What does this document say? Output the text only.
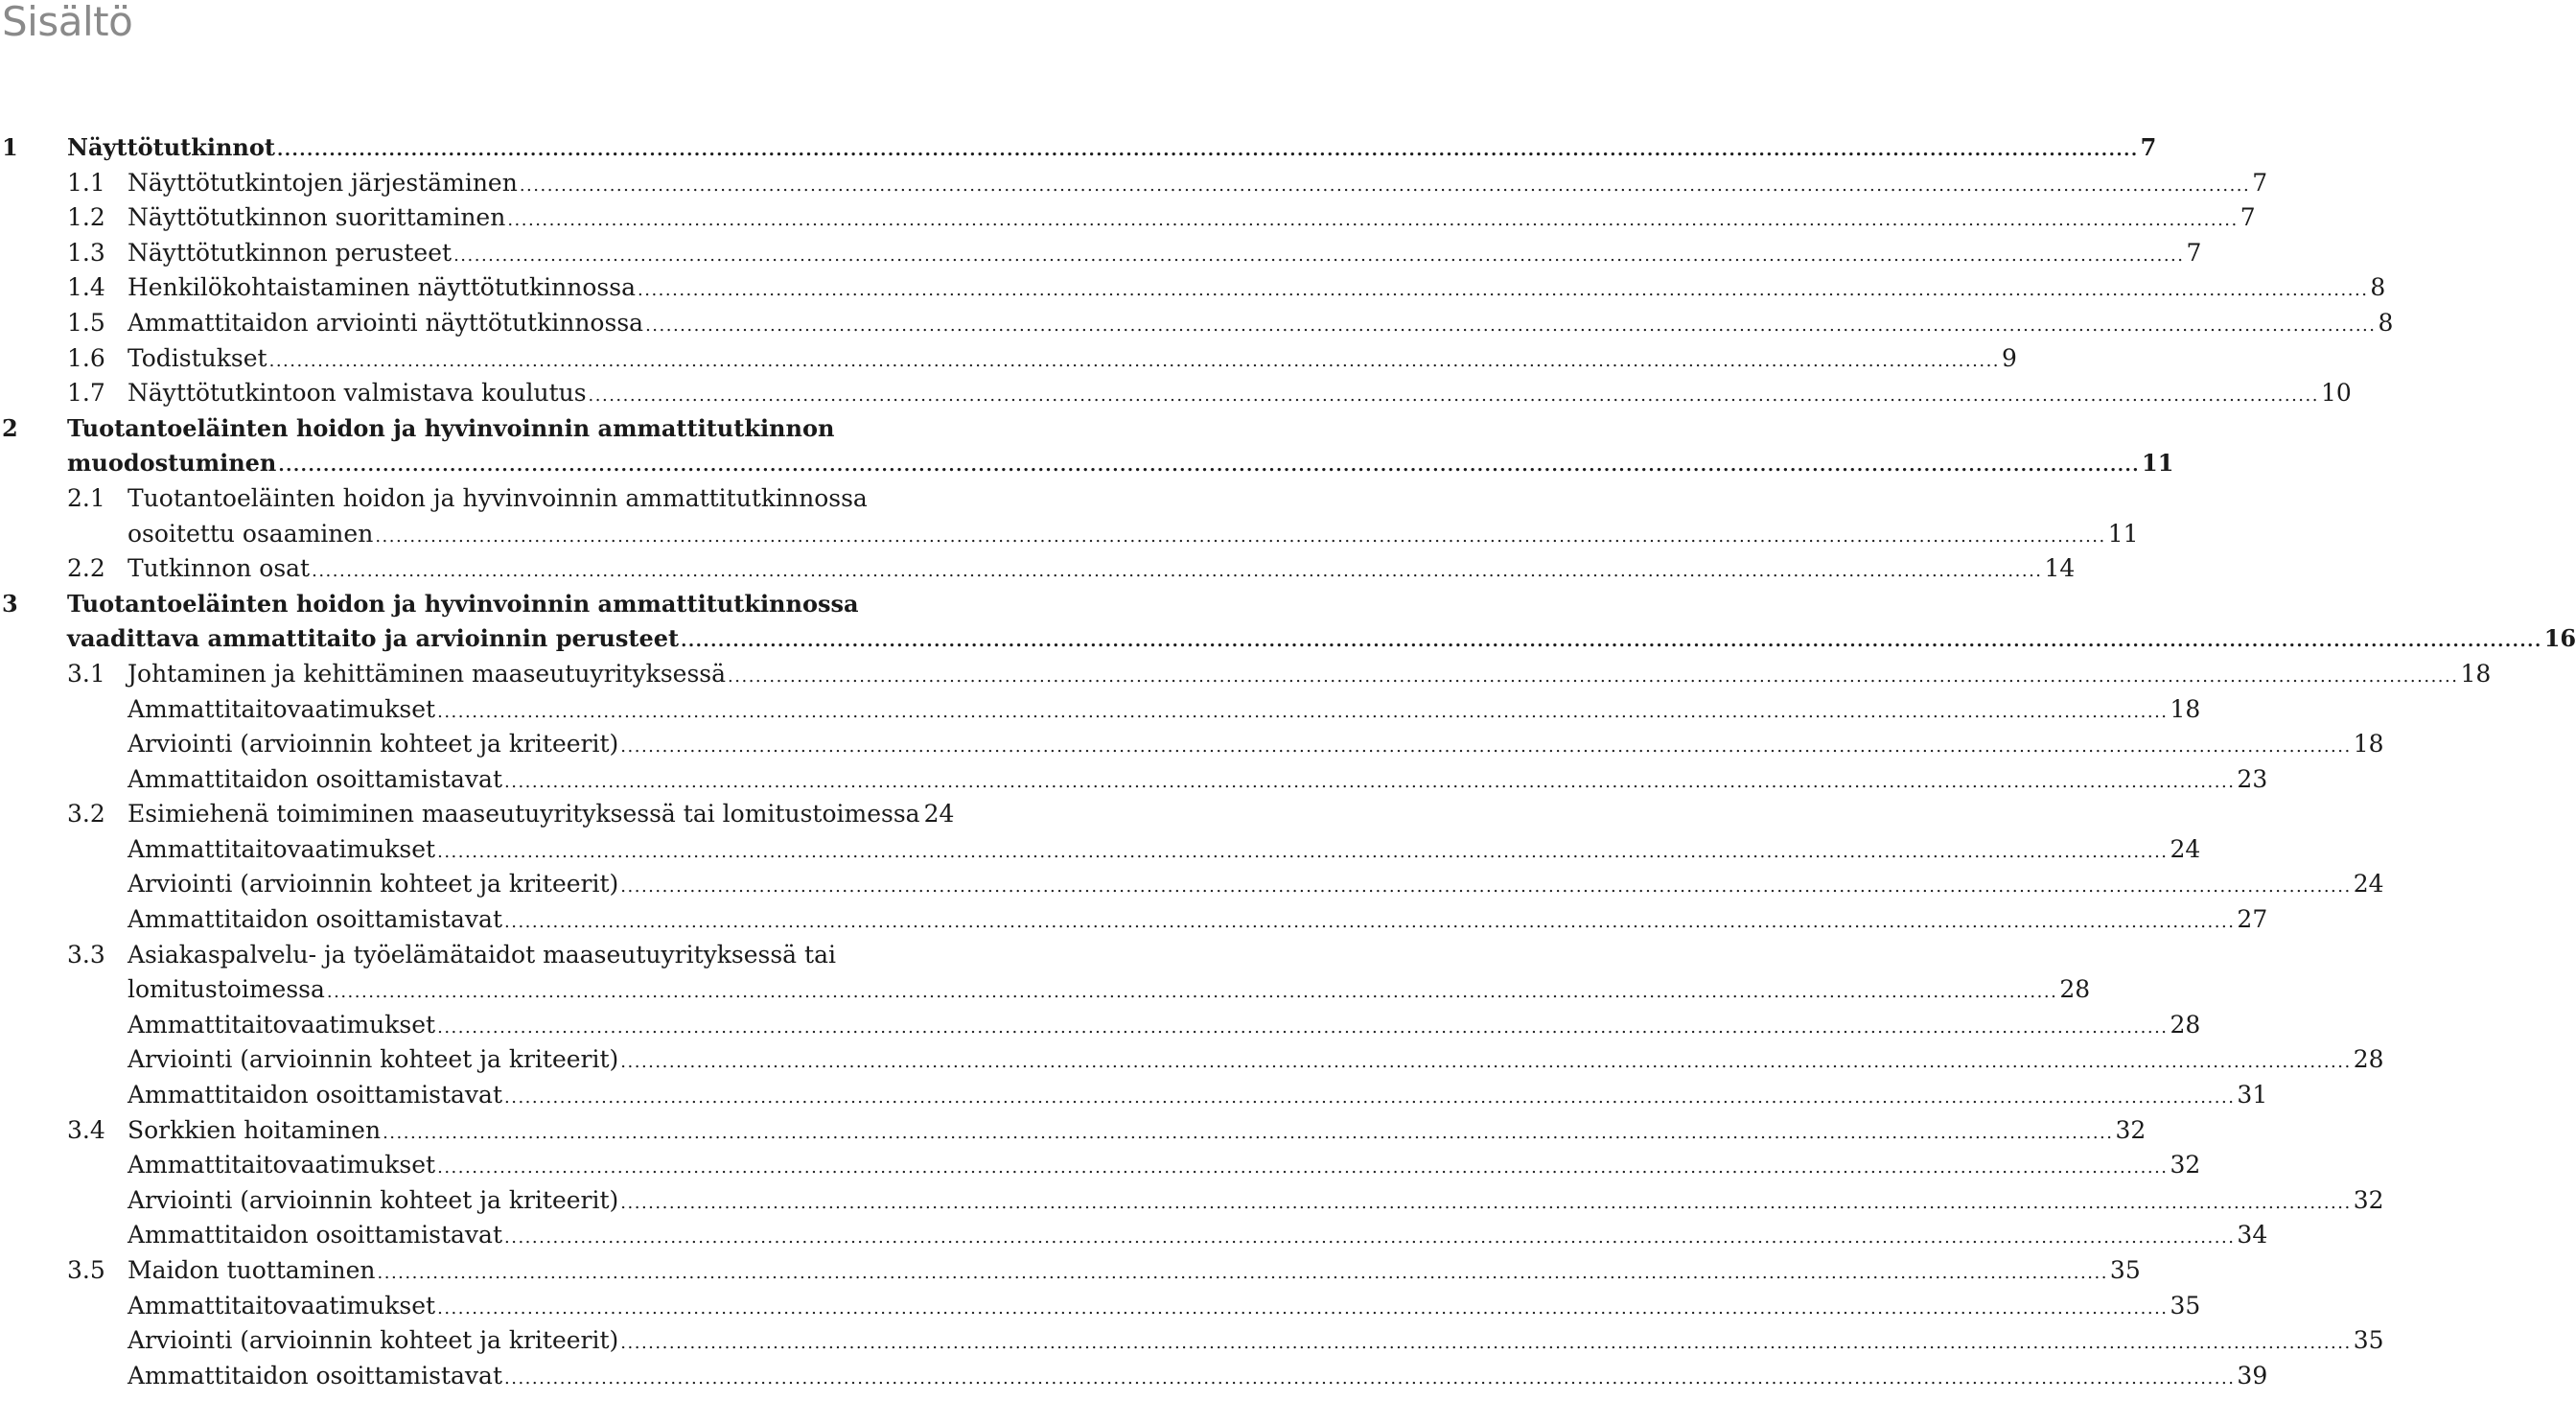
Sisältö
1 Näyttötutkinnot .....	7
1.1 Näyttötutkintojen järjestäminen .....	7
1.2 Näyttötutkinnon suorittaminen .....	7
1.3 Näyttötutkinnon perusteet .....	7
1.4 Henkilökohtaistaminen näyttötutkinnossa .....	8
1.5 Ammattitaidon arviointi näyttötutkinnossa .....	8
1.6 Todistukset .....	9
1.7 Näyttötutkintoon valmistava koulutus .....	10
2 Tuotantoeläinten hoidon ja hyvinvoinnin ammattitutkinnon
muodostuminen .....	11
2.1 Tuotantoeläinten hoidon ja hyvinvoinnin ammattitutkinnossa
osoitettu osaaminen .....	11
2.2 Tutkinnon osat .....	14
3 Tuotantoeläinten hoidon ja hyvinvoinnin ammattitutkinnossa
vaadittava ammattitaito ja arvioinnin perusteet .....	16
3.1 Johtaminen ja kehittäminen maaseutuyrityksessä .....	18
Ammattitaitovaatimukset .....	18
Arviointi (arvioinnin kohteet ja kriteerit) .....	18
Ammattitaidon osoittamistavat .....	23
3.2 Esimiehenä toimiminen maaseutuyrityksessä tai lomitustoimessa 24
Ammattitaitovaatimukset .....	24
Arviointi (arvioinnin kohteet ja kriteerit) .....	24
Ammattitaidon osoittamistavat .....	27
3.3 Asiakaspalvelu- ja työelämätaidot maaseutuyrityksessä tai
lomitustoimessa .....	28
Ammattitaitovaatimukset .....	28
Arviointi (arvioinnin kohteet ja kriteerit) .....	28
Ammattitaidon osoittamistavat .....	31
3.4 Sorkkien hoitaminen .....	32
Ammattitaitovaatimukset .....	32
Arviointi (arvioinnin kohteet ja kriteerit) .....	32
Ammattitaidon osoittamistavat .....	34
3.5 Maidon tuottaminen .....	35
Ammattitaitovaatimukset .....	35
Arviointi (arvioinnin kohteet ja kriteerit) .....	35
Ammattitaidon osoittamistavat .....	39
